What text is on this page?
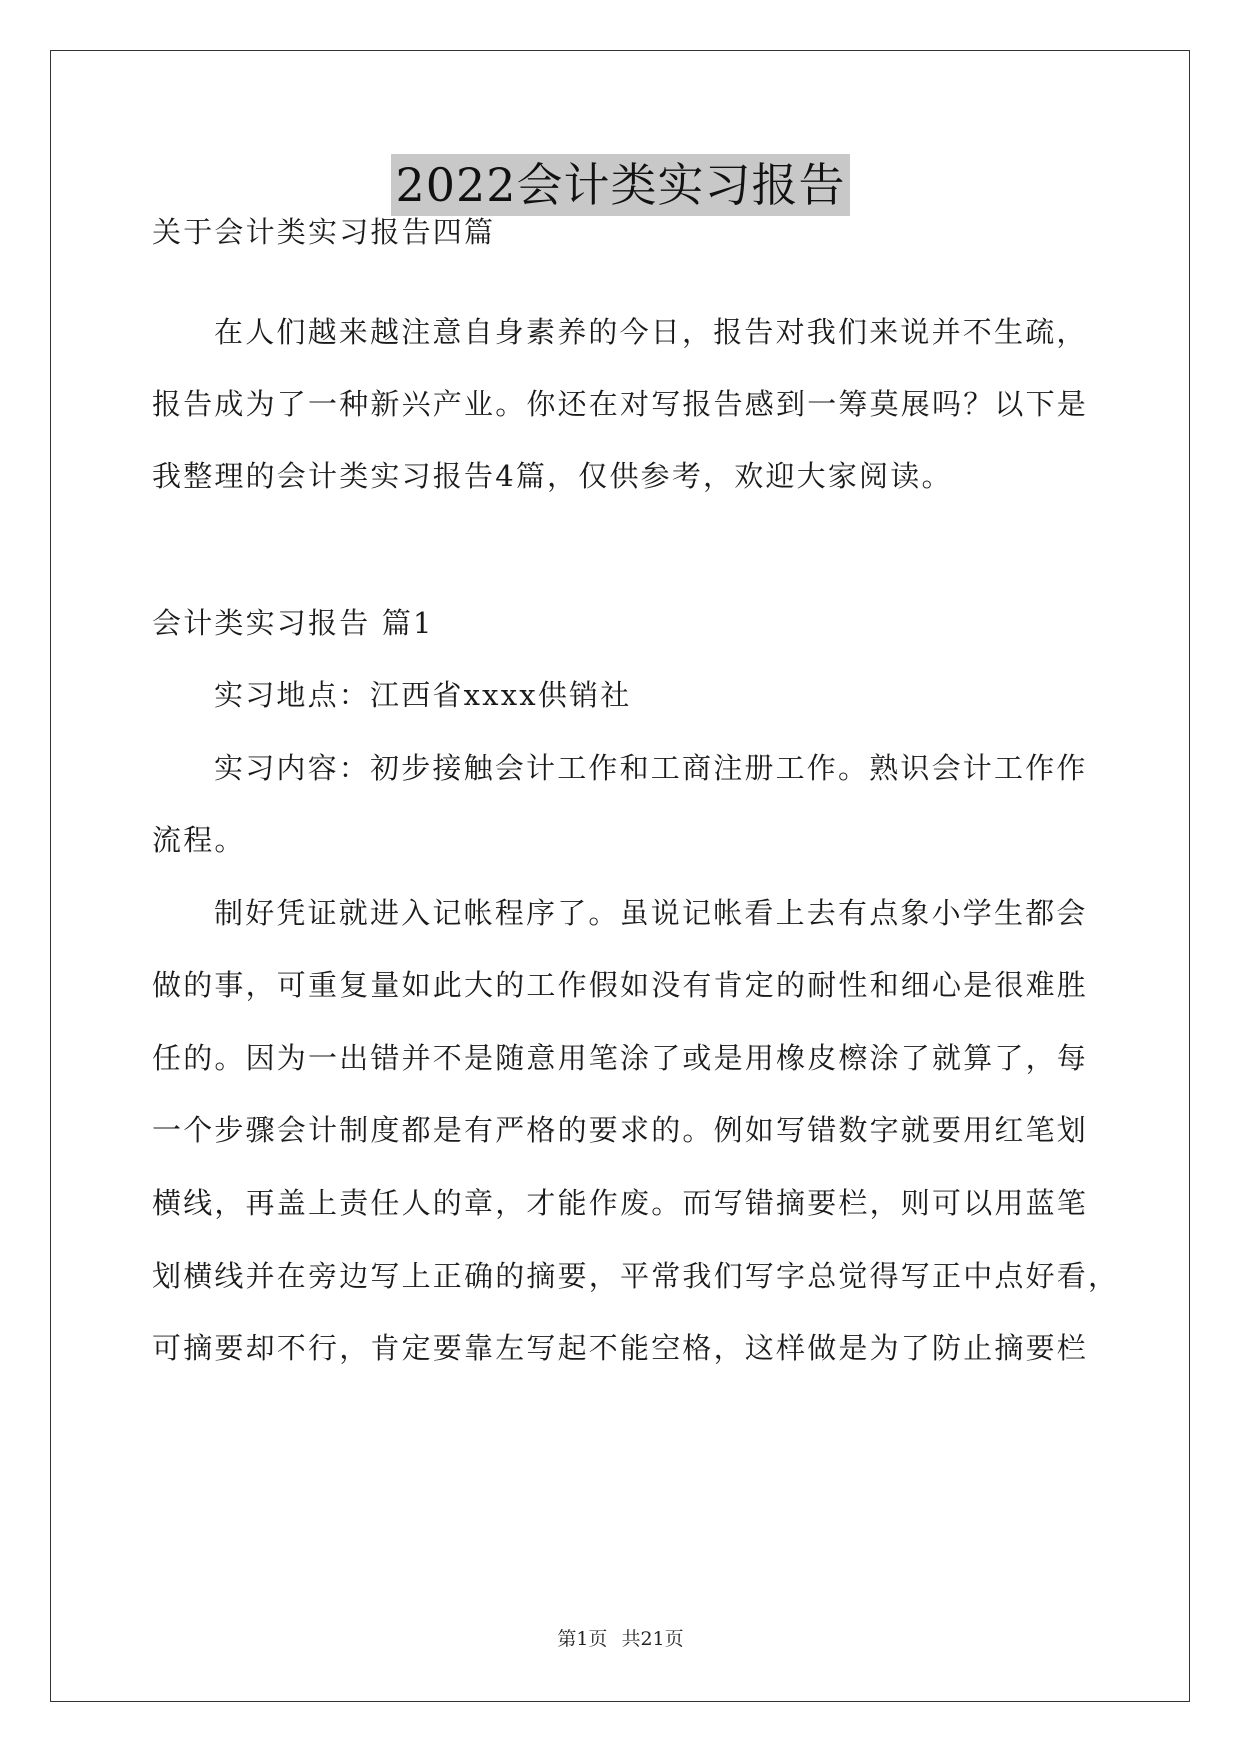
2022会计类实习报告
关于会计类实习报告四篇
在人们越来越注意自身素养的今日，报告对我们来说并不生疏，
报告成为了一种新兴产业。你还在对写报告感到一筹莫展吗？以下是
我整理的会计类实习报告4篇，仅供参考，欢迎大家阅读。
会计类实习报告 篇1
实习地点：江西省xxxx供销社
实习内容：初步接触会计工作和工商注册工作。熟识会计工作作
流程。
制好凭证就进入记帐程序了。虽说记帐看上去有点象小学生都会
做的事，可重复量如此大的工作假如没有肯定的耐性和细心是很难胜
任的。因为一出错并不是随意用笔涂了或是用橡皮檫涂了就算了，每
一个步骤会计制度都是有严格的要求的。例如写错数字就要用红笔划
横线，再盖上责任人的章，才能作废。而写错摘要栏，则可以用蓝笔
划横线并在旁边写上正确的摘要，平常我们写字总觉得写正中点好看，
可摘要却不行，肯定要靠左写起不能空格，这样做是为了防止摘要栏
第1页 共21页
